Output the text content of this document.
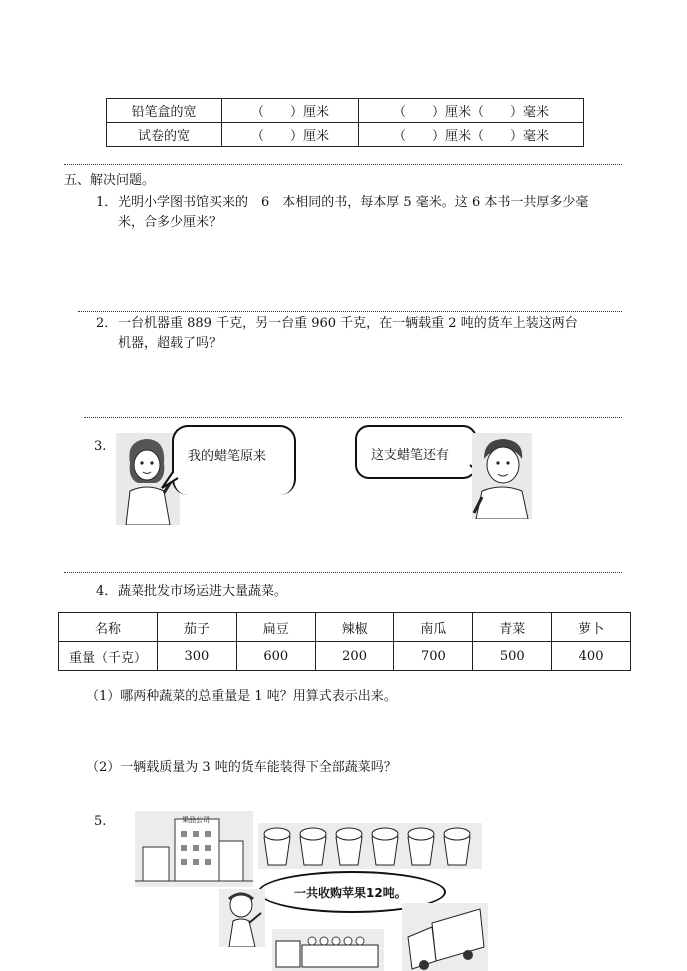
铅笔盒的宽	（　　）厘米	（　　）厘米（　　）毫米
试卷的宽	（　　）厘米	（　　）厘米（　　）毫米
五、解决问题。
1． 光明小学图书馆买来的　6　本相同的书，每本厚 5 毫米。这 6 本书一共厚多少毫
米，合多少厘米？
2． 一台机器重 889 千克，另一台重 960 千克，在一辆载重 2 吨的货车上装这两台
机器，超载了吗？
3.
我的蜡笔原来	这支蜡笔还有
4． 蔬菜批发市场运进大量蔬菜。
名称	茄子	扁豆	辣椒	南瓜	青菜	萝卜
重量（千克）	300	600	200	700	500	400
（1）哪两种蔬菜的总重量是 1 吨？用算式表示出来。
（2）一辆载质量为 3 吨的货车能装得下全部蔬菜吗？
5.	果品公司
一共收购苹果12吨。
